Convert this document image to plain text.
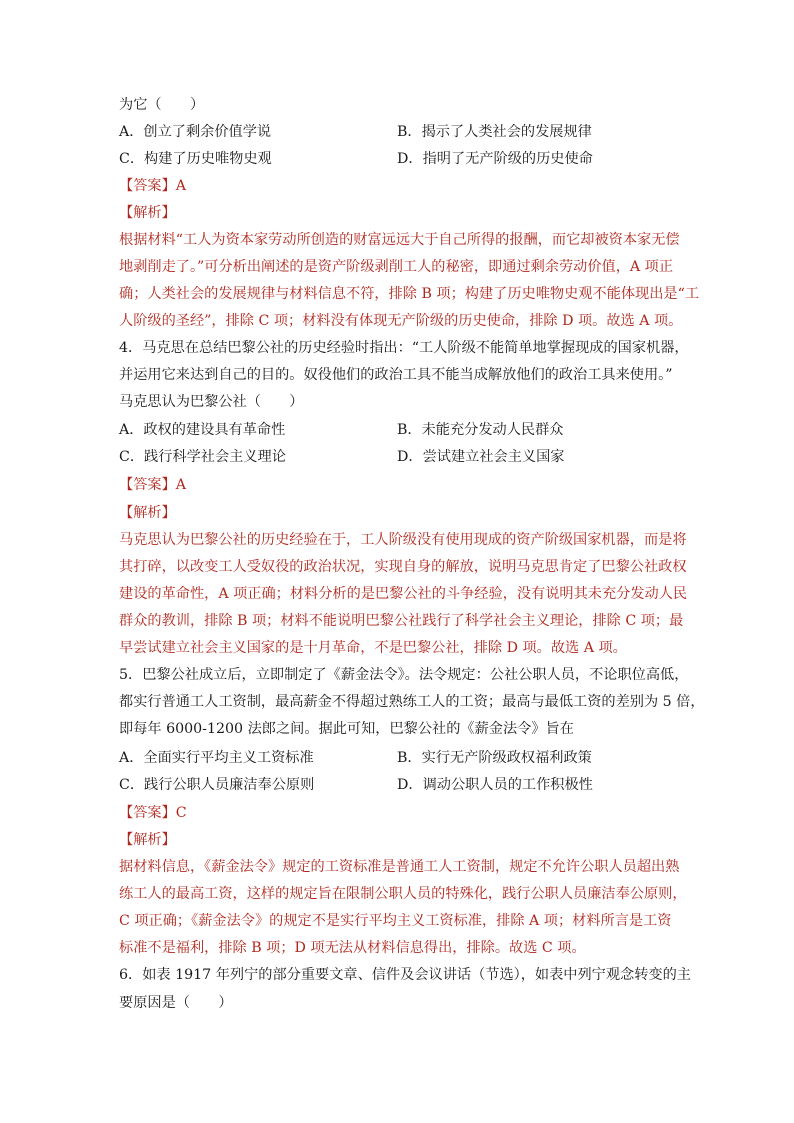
为它（　　）
A．创立了剩余价值学说	B．揭示了人类社会的发展规律
C．构建了历史唯物史观	D．指明了无产阶级的历史使命
【答案】A
【解析】
根据材料“工人为资本家劳动所创造的财富远远大于自己所得的报酬，而它却被资本家无偿
地剥削走了。”可分析出阐述的是资产阶级剥削工人的秘密，即通过剩余劳动价值，A 项正
确；人类社会的发展规律与材料信息不符，排除 B 项；构建了历史唯物史观不能体现出是“工
人阶级的圣经”，排除 C 项；材料没有体现无产阶级的历史使命，排除 D 项。故选 A 项。
4．马克思在总结巴黎公社的历史经验时指出：“工人阶级不能简单地掌握现成的国家机器，
并运用它来达到自己的目的。奴役他们的政治工具不能当成解放他们的政治工具来使用。”
马克思认为巴黎公社（　　）
A．政权的建设具有革命性	B．未能充分发动人民群众
C．践行科学社会主义理论	D．尝试建立社会主义国家
【答案】A
【解析】
马克思认为巴黎公社的历史经验在于，工人阶级没有使用现成的资产阶级国家机器，而是将
其打碎，以改变工人受奴役的政治状况，实现自身的解放，说明马克思肯定了巴黎公社政权
建设的革命性，A 项正确；材料分析的是巴黎公社的斗争经验，没有说明其未充分发动人民
群众的教训，排除 B 项；材料不能说明巴黎公社践行了科学社会主义理论，排除 C 项；最
早尝试建立社会主义国家的是十月革命，不是巴黎公社，排除 D 项。故选 A 项。
5．巴黎公社成立后，立即制定了《薪金法令》。法令规定：公社公职人员，不论职位高低，
都实行普通工人工资制，最高薪金不得超过熟练工人的工资；最高与最低工资的差别为 5 倍，
即每年 6000-1200 法郎之间。据此可知，巴黎公社的《薪金法令》旨在
A．全面实行平均主义工资标准	B．实行无产阶级政权福利政策
C．践行公职人员廉洁奉公原则	D．调动公职人员的工作积极性
【答案】C
【解析】
据材料信息，《薪金法令》规定的工资标准是普通工人工资制，规定不允许公职人员超出熟
练工人的最高工资，这样的规定旨在限制公职人员的特殊化，践行公职人员廉洁奉公原则，
C 项正确；《薪金法令》的规定不是实行平均主义工资标准，排除 A 项；材料所言是工资
标准不是福利，排除 B 项；D 项无法从材料信息得出，排除。故选 C 项。
6．如表 1917 年列宁的部分重要文章、信件及会议讲话（节选），如表中列宁观念转变的主
要原因是（　　）
